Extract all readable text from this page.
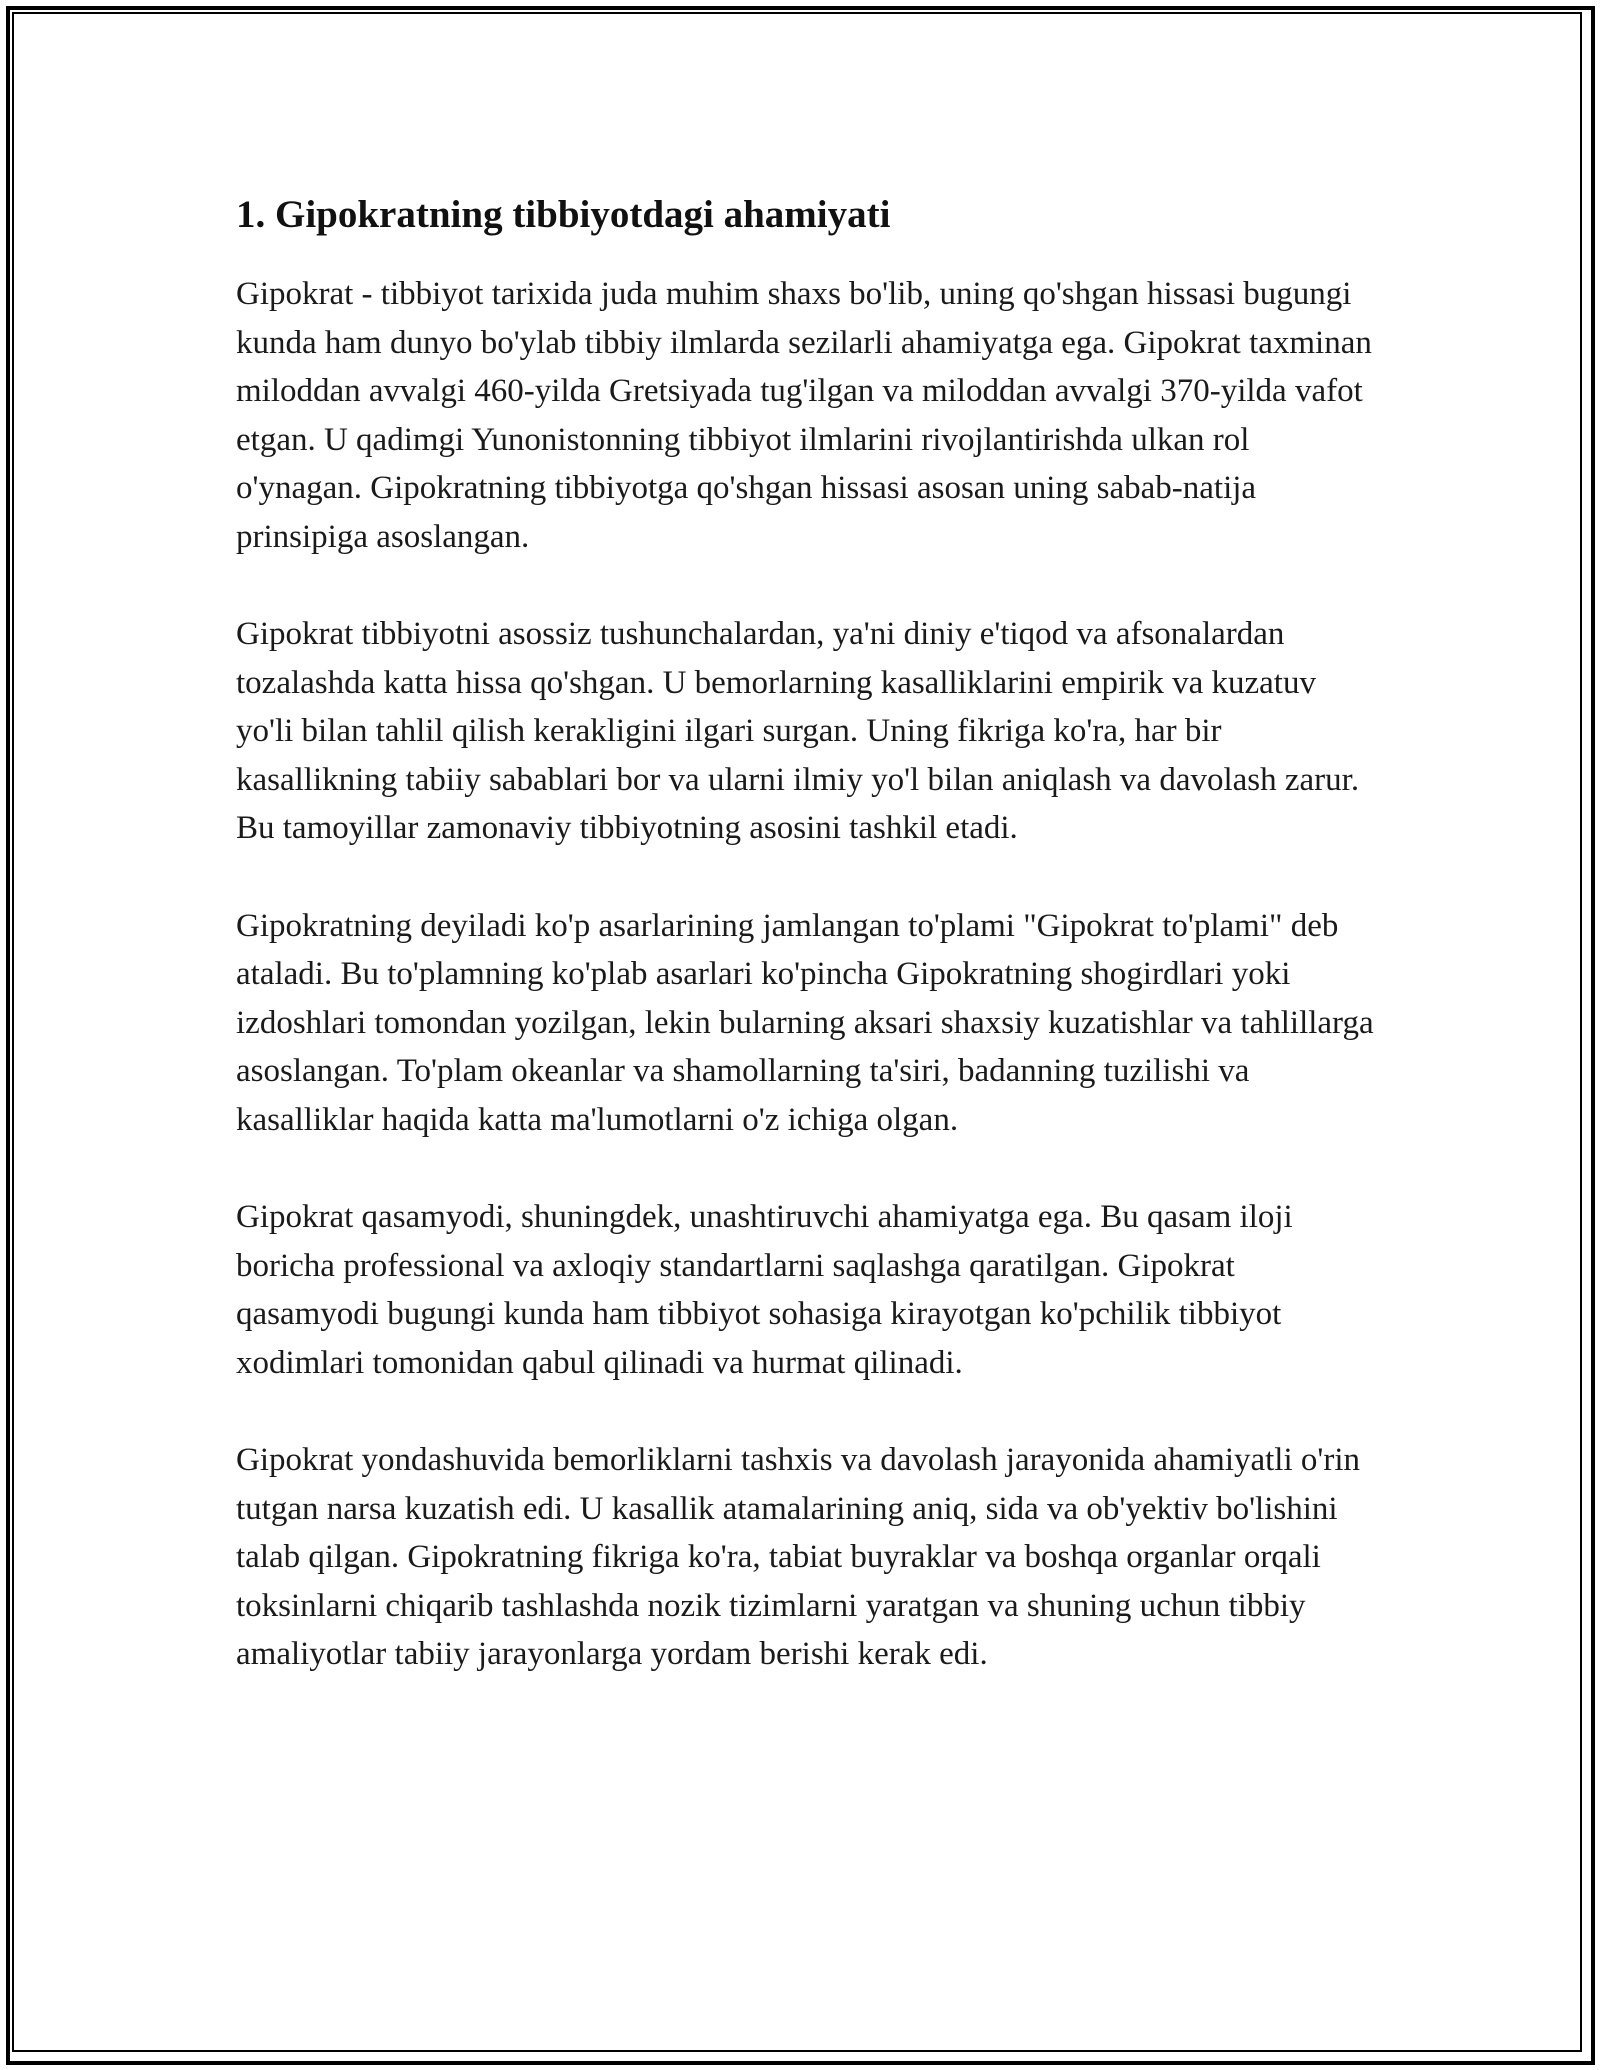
1. Gipokratning tibbiyotdagi ahamiyati

Gipokrat - tibbiyot tarixida juda muhim shaxs bo'lib, uning qo'shgan hissasi bugungi kunda ham dunyo bo'ylab tibbiy ilmlarda sezilarli ahamiyatga ega. Gipokrat taxminan miloddan avvalgi 460-yilda Gretsiyada tug'ilgan va miloddan avvalgi 370-yilda vafot etgan. U qadimgi Yunonistonning tibbiyot ilmlarini rivojlantirishda ulkan rol o'ynagan. Gipokratning tibbiyotga qo'shgan hissasi asosan uning sabab-natija prinsipiga asoslangan.

Gipokrat tibbiyotni asossiz tushunchalardan, ya'ni diniy e'tiqod va afsonalardan tozalashda katta hissa qo'shgan. U bemorlarning kasalliklarini empirik va kuzatuv yo'li bilan tahlil qilish kerakligini ilgari surgan. Uning fikriga ko'ra, har bir kasallikning tabiiy sabablari bor va ularni ilmiy yo'l bilan aniqlash va davolash zarur. Bu tamoyillar zamonaviy tibbiyotning asosini tashkil etadi.

Gipokratning deyiladi ko'p asarlarining jamlangan to'plami "Gipokrat to'plami" deb ataladi. Bu to'plamning ko'plab asarlari ko'pincha Gipokratning shogirdlari yoki izdoshlari tomondan yozilgan, lekin bularning aksari shaxsiy kuzatishlar va tahlillarga asoslangan. To'plam okeanlar va shamollarning ta'siri, badanning tuzilishi va kasalliklar haqida katta ma'lumotlarni o'z ichiga olgan.

Gipokrat qasamyodi, shuningdek, unashtiruvchi ahamiyatga ega. Bu qasam iloji boricha professional va axloqiy standartlarni saqlashga qaratilgan. Gipokrat qasamyodi bugungi kunda ham tibbiyot sohasiga kirayotgan ko'pchilik tibbiyot xodimlari tomonidan qabul qilinadi va hurmat qilinadi.

Gipokrat yondashuvida bemorliklarni tashxis va davolash jarayonida ahamiyatli o'rin tutgan narsa kuzatish edi. U kasallik atamalarining aniq, sida va ob'yektiv bo'lishini talab qilgan. Gipokratning fikriga ko'ra, tabiat buyraklar va boshqa organlar orqali toksinlarni chiqarib tashlashda nozik tizimlarni yaratgan va shuning uchun tibbiy amaliyotlar tabiiy jarayonlarga yordam berishi kerak edi.
